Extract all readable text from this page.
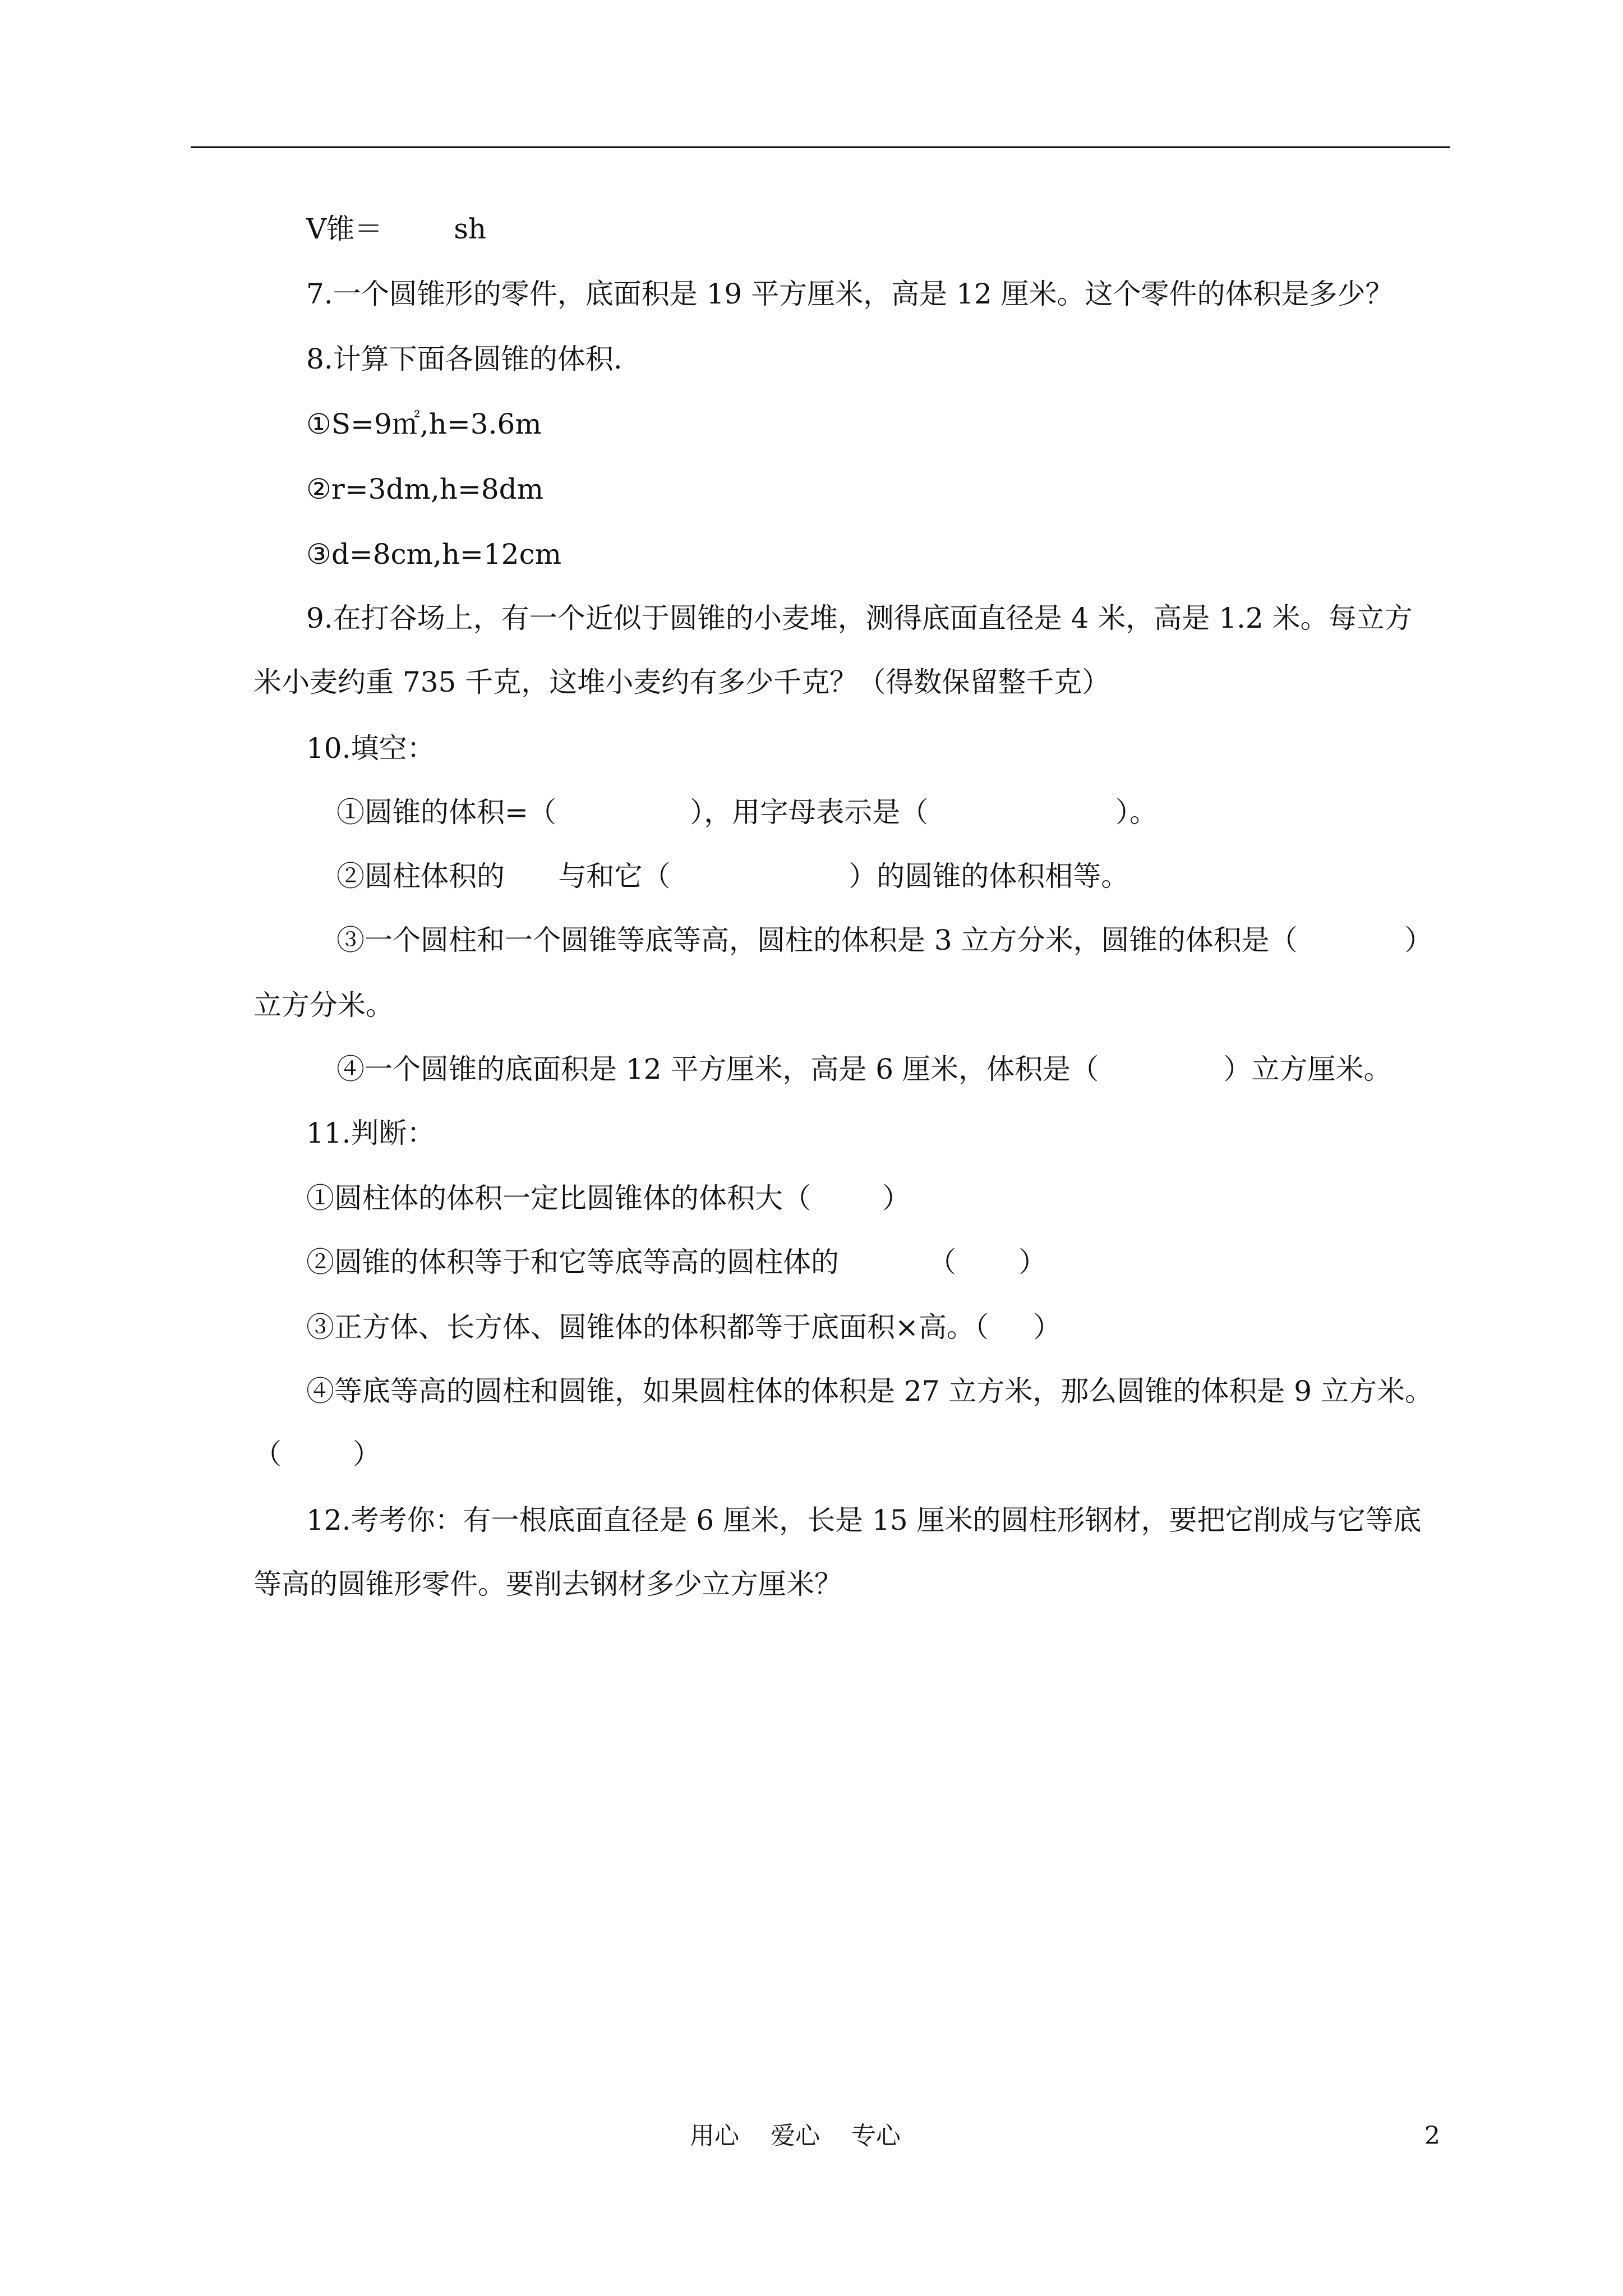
V锥＝        sh

7.一个圆锥形的零件，底面积是 19 平方厘米，高是 12 厘米。这个零件的体积是多少？

8.计算下面各圆锥的体积.

①S=9㎡,h=3.6m

②r=3dm,h=8dm

③d=8cm,h=12cm

9.在打谷场上，有一个近似于圆锥的小麦堆，测得底面直径是 4 米，高是 1.2 米。每立方

米小麦约重 735 千克，这堆小麦约有多少千克？（得数保留整千克）

10.填空：

①圆锥的体积=（               ），用字母表示是（                     ）。

②圆柱体积的      与和它（                    ）的圆锥的体积相等。

③一个圆柱和一个圆锥等底等高，圆柱的体积是 3 立方分米，圆锥的体积是（            ）

立方分米。

④一个圆锥的底面积是 12 平方厘米，高是 6 厘米，体积是（              ）立方厘米。

11.判断：

①圆柱体的体积一定比圆锥体的体积大（        ）

②圆锥的体积等于和它等底等高的圆柱体的          （       ）

③正方体、长方体、圆锥体的体积都等于底面积×高。（     ）

④等底等高的圆柱和圆锥，如果圆柱体的体积是 27 立方米，那么圆锥的体积是 9 立方米。

（        ）

12.考考你：有一根底面直径是 6 厘米，长是 15 厘米的圆柱形钢材，要把它削成与它等底

等高的圆锥形零件。要削去钢材多少立方厘米？

用心    爱心    专心	2
